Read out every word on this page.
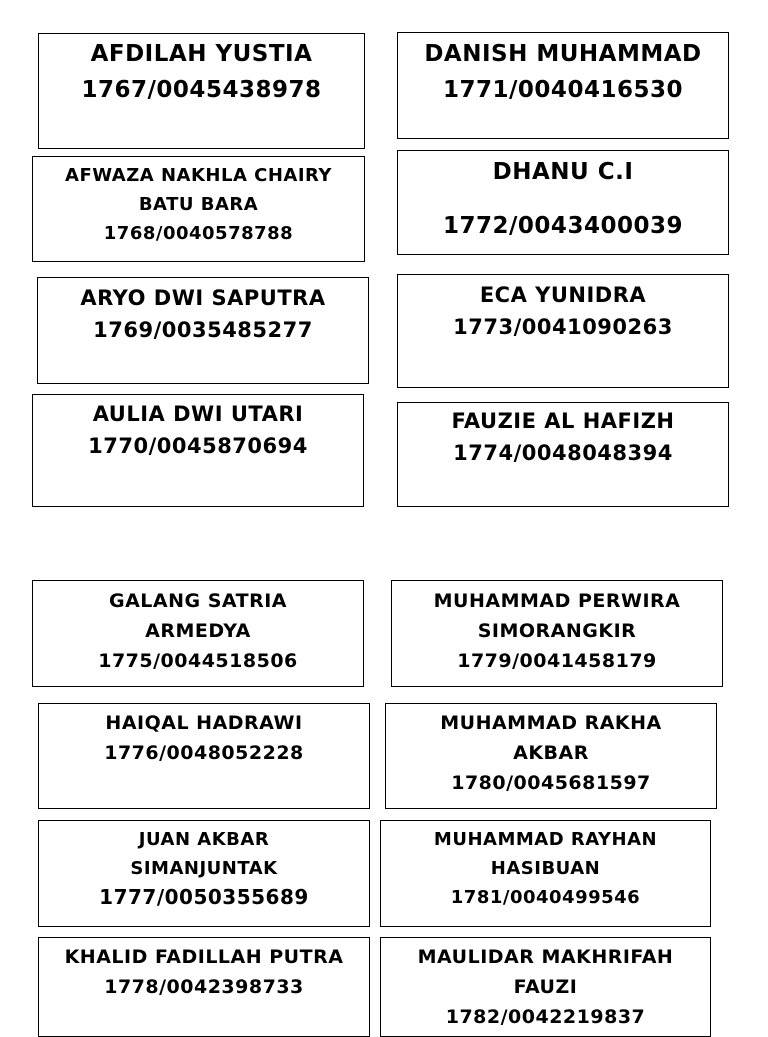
AFDILAH YUSTIA
1767/0045438978
DANISH MUHAMMAD
1771/0040416530
AFWAZA NAKHLA CHAIRY
BATU BARA
1768/0040578788
DHANU C.I
1772/0043400039
ARYO DWI SAPUTRA
1769/0035485277
ECA YUNIDRA
1773/0041090263
AULIA DWI UTARI
1770/0045870694
FAUZIE AL HAFIZH
1774/0048048394
GALANG SATRIA
ARMEDYA
1775/0044518506
MUHAMMAD PERWIRA
SIMORANGKIR
1779/0041458179
HAIQAL HADRAWI
1776/0048052228
MUHAMMAD RAKHA
AKBAR
1780/0045681597
JUAN AKBAR
SIMANJUNTAK
1777/0050355689
MUHAMMAD RAYHAN
HASIBUAN
1781/0040499546
KHALID FADILLAH PUTRA
1778/0042398733
MAULIDAR MAKHRIFAH
FAUZI
1782/0042219837
